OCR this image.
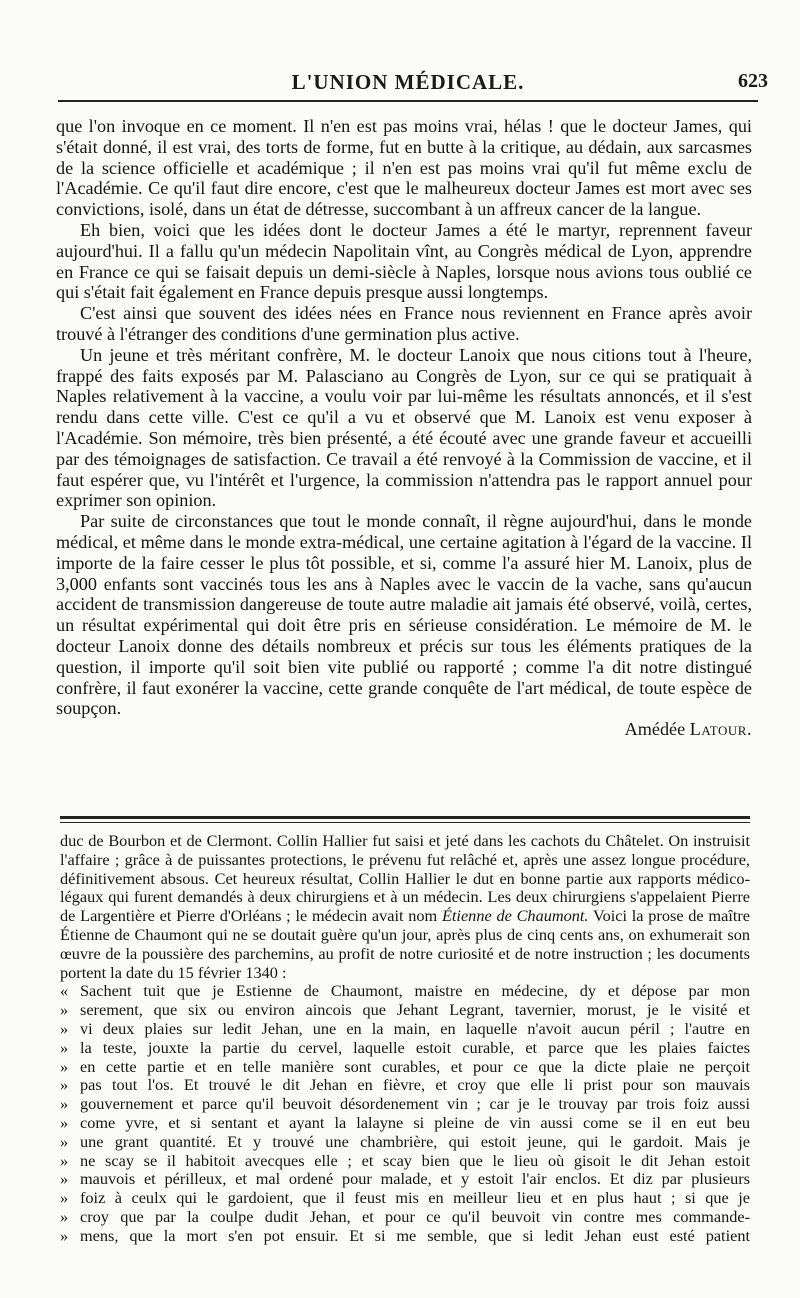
L'UNION MÉDICALE.	623

que l'on invoque en ce moment. Il n'en est pas moins vrai, hélas ! que le docteur James, qui s'était donné, il est vrai, des torts de forme, fut en butte à la critique, au dédain, aux sarcasmes de la science officielle et académique ; il n'en est pas moins vrai qu'il fut même exclu de l'Académie. Ce qu'il faut dire encore, c'est que le malheureux docteur James est mort avec ses convictions, isolé, dans un état de détresse, succombant à un affreux cancer de la langue.

Eh bien, voici que les idées dont le docteur James a été le martyr, reprennent faveur aujourd'hui. Il a fallu qu'un médecin Napolitain vînt, au Congrès médical de Lyon, apprendre en France ce qui se faisait depuis un demi-siècle à Naples, lorsque nous avions tous oublié ce qui s'était fait également en France depuis presque aussi longtemps.

C'est ainsi que souvent des idées nées en France nous reviennent en France après avoir trouvé à l'étranger des conditions d'une germination plus active.

Un jeune et très méritant confrère, M. le docteur Lanoix que nous citions tout à l'heure, frappé des faits exposés par M. Palasciano au Congrès de Lyon, sur ce qui se pratiquait à Naples relativement à la vaccine, a voulu voir par lui-même les résultats annoncés, et il s'est rendu dans cette ville. C'est ce qu'il a vu et observé que M. Lanoix est venu exposer à l'Académie. Son mémoire, très bien présenté, a été écouté avec une grande faveur et accueilli par des témoignages de satisfaction. Ce travail a été renvoyé à la Commission de vaccine, et il faut espérer que, vu l'intérêt et l'urgence, la commission n'attendra pas le rapport annuel pour exprimer son opinion.

Par suite de circonstances que tout le monde connaît, il règne aujourd'hui, dans le monde médical, et même dans le monde extra-médical, une certaine agitation à l'égard de la vaccine. Il importe de la faire cesser le plus tôt possible, et si, comme l'a assuré hier M. Lanoix, plus de 3,000 enfants sont vaccinés tous les ans à Naples avec le vaccin de la vache, sans qu'aucun accident de transmission dangereuse de toute autre maladie ait jamais été observé, voilà, certes, un résultat expérimental qui doit être pris en sérieuse considération. Le mémoire de M. le docteur Lanoix donne des détails nombreux et précis sur tous les éléments pratiques de la question, il importe qu'il soit bien vite publié ou rapporté ; comme l'a dit notre distingué confrère, il faut exonérer la vaccine, cette grande conquête de l'art médical, de toute espèce de soupçon.

Amédée Latour.

duc de Bourbon et de Clermont. Collin Hallier fut saisi et jeté dans les cachots du Châtelet. On instruisit l'affaire ; grâce à de puissantes protections, le prévenu fut relâché et, après une assez longue procédure, définitivement absous. Cet heureux résultat, Collin Hallier le dut en bonne partie aux rapports médico-légaux qui furent demandés à deux chirurgiens et à un médecin. Les deux chirurgiens s'appelaient Pierre de Largentière et Pierre d'Orléans ; le médecin avait nom Étienne de Chaumont. Voici la prose de maître Étienne de Chaumont qui ne se doutait guère qu'un jour, après plus de cinq cents ans, on exhumerait son œuvre de la poussière des parchemins, au profit de notre curiosité et de notre instruction ; les documents portent la date du 15 février 1340 :

« Sachent tuit que je Estienne de Chaumont, maistre en médecine, dy et dépose par mon
» serement, que six ou environ aincois que Jehant Legrant, tavernier, morust, je le visité et
» vi deux plaies sur ledit Jehan, une en la main, en laquelle n'avoit aucun péril ; l'autre en
» la teste, jouxte la partie du cervel, laquelle estoit curable, et parce que les plaies faictes
» en cette partie et en telle manière sont curables, et pour ce que la dicte plaie ne perçoit
» pas tout l'os. Et trouvé le dit Jehan en fièvre, et croy que elle li prist pour son mauvais
» gouvernement et parce qu'il beuvoit désordenement vin ; car je le trouvay par trois foiz aussi
» come yvre, et si sentant et ayant la lalayne si pleine de vin aussi come se il en eut beu
» une grant quantité. Et y trouvé une chambrière, qui estoit jeune, qui le gardoit. Mais je
» ne scay se il habitoit avecques elle ; et scay bien que le lieu où gisoit le dit Jehan estoit
» mauvois et périlleux, et mal ordené pour malade, et y estoit l'air enclos. Et diz par plusieurs
» foiz à ceulx qui le gardoient, que il feust mis en meilleur lieu et en plus haut ; si que je
» croy que par la coulpe dudit Jehan, et pour ce qu'il beuvoit vin contre mes commande-
» mens, que la mort s'en pot ensuir. Et si me semble, que si ledit Jehan eust esté patient
